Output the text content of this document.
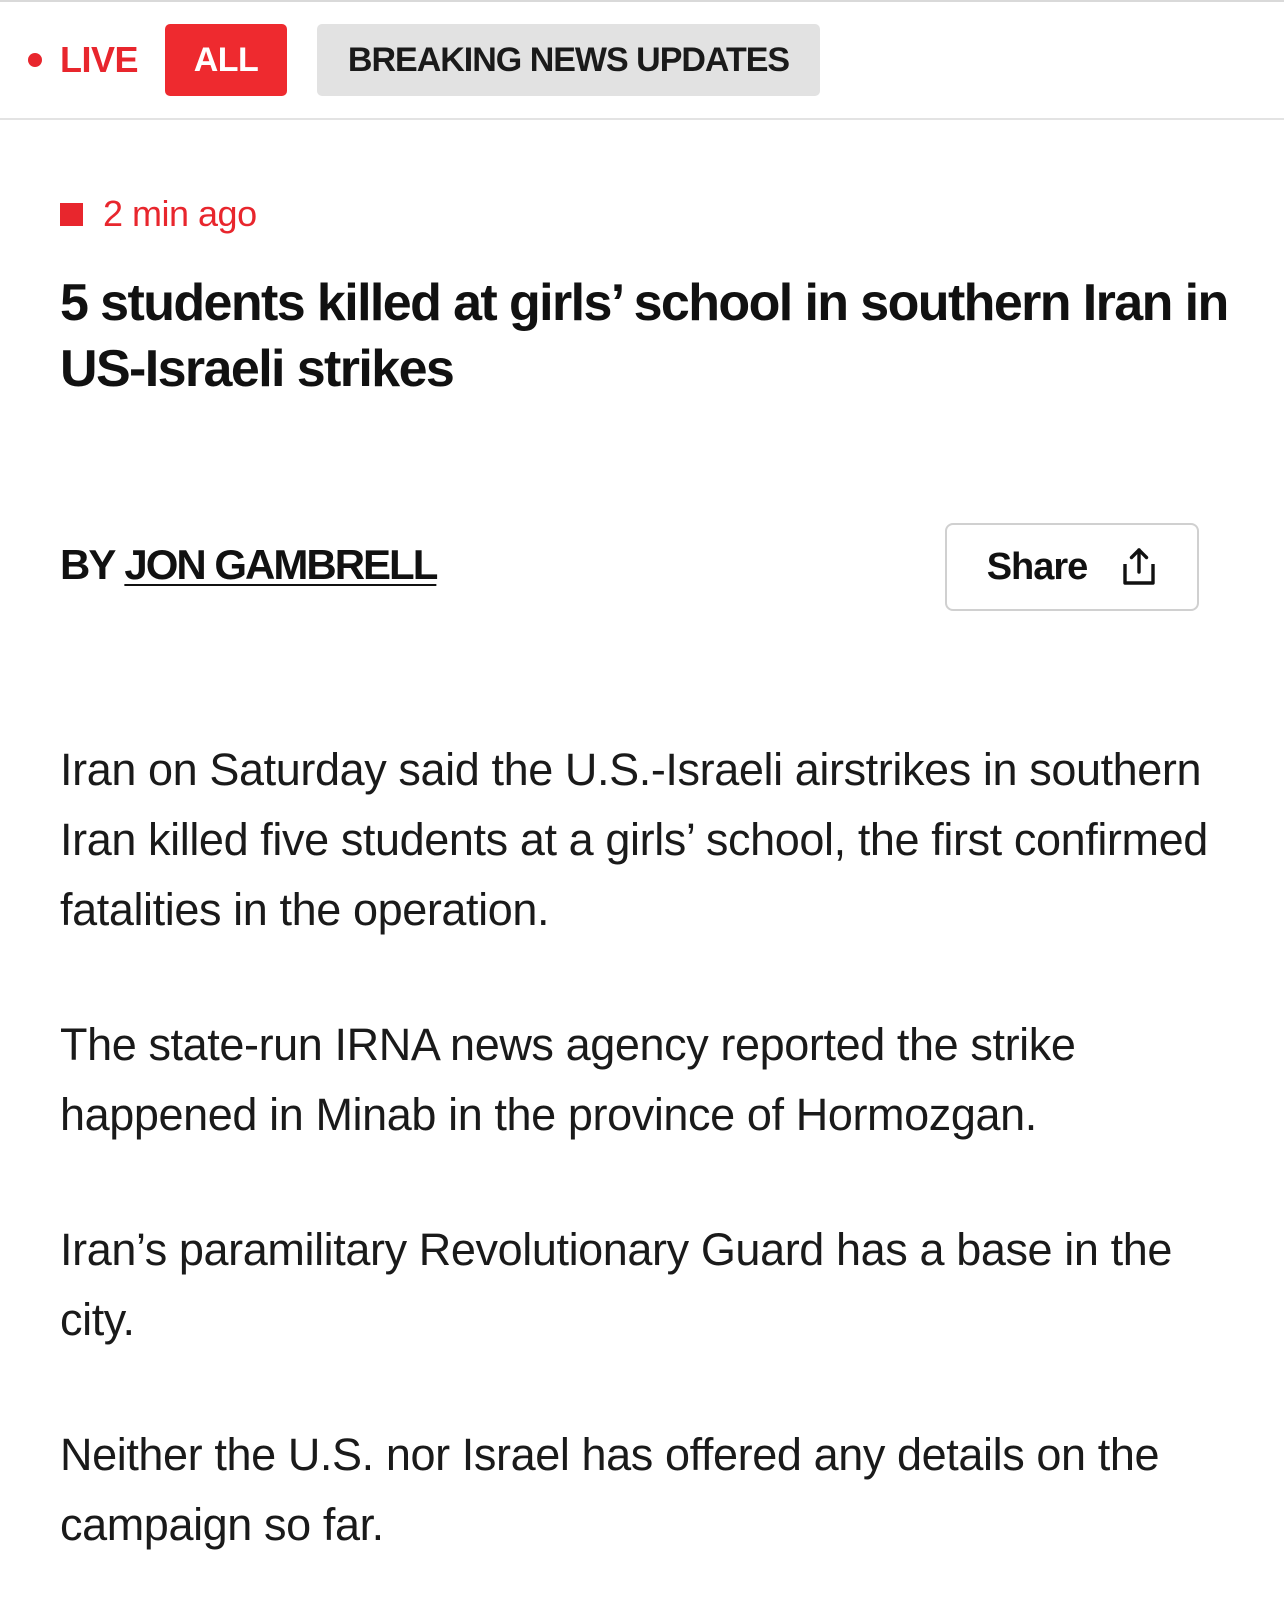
LIVE	ALL	BREAKING NEWS UPDATES
2 min ago
5 students killed at girls’ school in southern Iran in US-Israeli strikes
BY JON GAMBRELL	Share

Iran on Saturday said the U.S.-Israeli airstrikes in southern Iran killed five students at a girls’ school, the first confirmed fatalities in the operation.

The state-run IRNA news agency reported the strike happened in Minab in the province of Hormozgan.

Iran’s paramilitary Revolutionary Guard has a base in the city.

Neither the U.S. nor Israel has offered any details on the campaign so far.
